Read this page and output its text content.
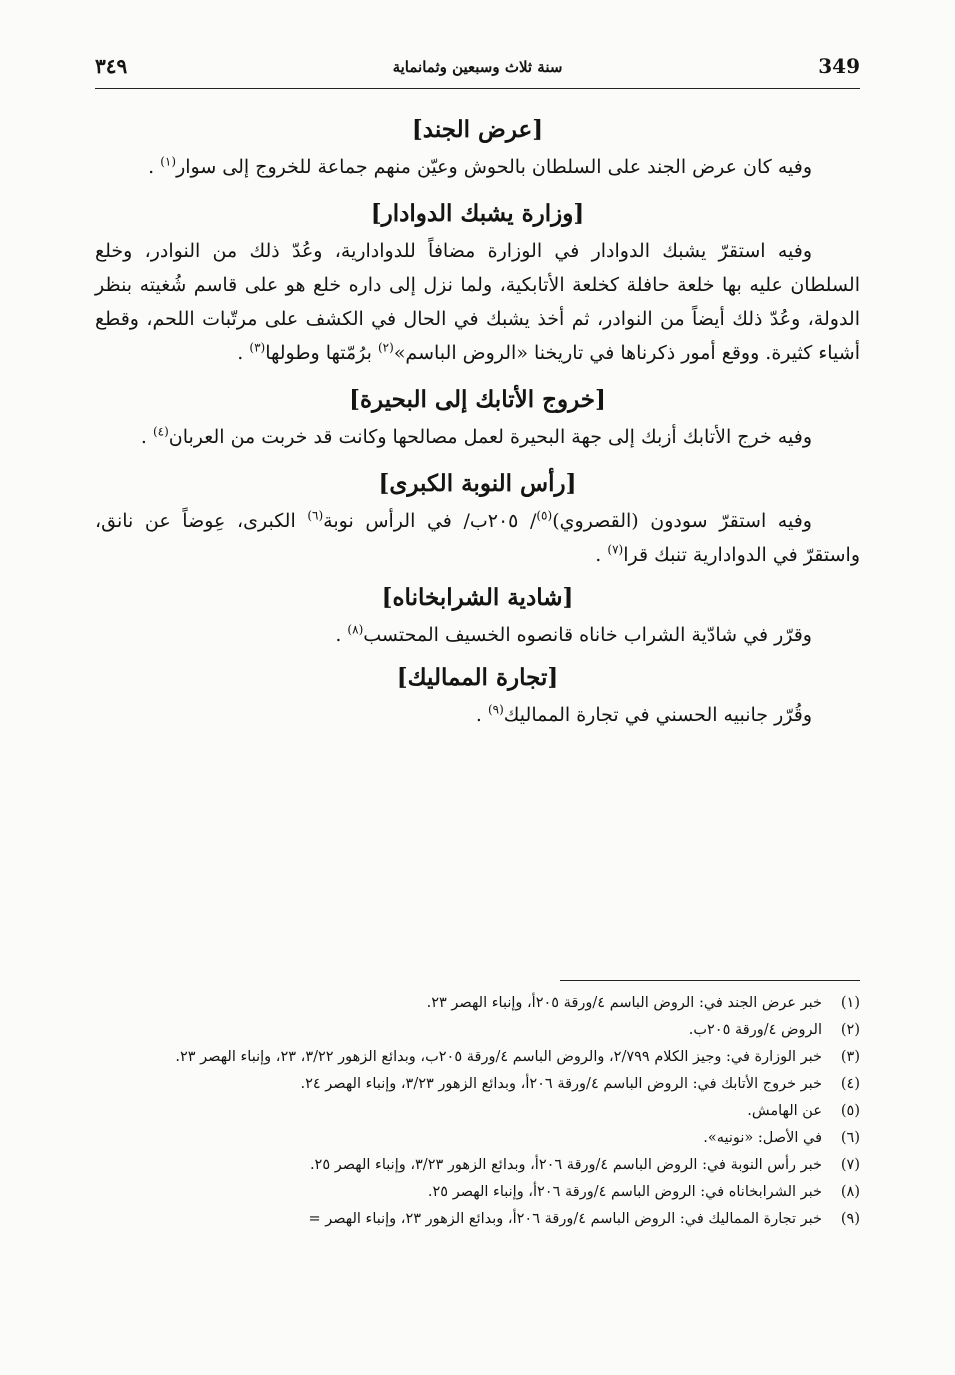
349
٣٤٩	سنة ثلاث وسبعين وثمانماية
[عرض الجند]

وفيه كان عرض الجند على السلطان بالحوش وعيّن منهم جماعة للخروج إلى سوار$^{(١)}$ .

[وزارة يشبك الدوادار]

وفيه استقرّ يشبك الدوادار في الوزارة مضافاً للدوادارية، وعُدّ ذلك من النوادر، وخلع السلطان عليه بها خلعة حافلة كخلعة الأتابكية، ولما نزل إلى داره خلع هو على قاسم شُغيته بنظر الدولة، وعُدّ ذلك أيضاً من النوادر، ثم أخذ يشبك في الحال في الكشف على مرتّبات اللحم، وقطع أشياء كثيرة. ووقع أمور ذكرناها في تاريخنا «الروض الباسم»$^{(٢)}$ برُمّتها وطولها$^{(٣)}$ .

[خروج الأتابك إلى البحيرة]

وفيه خرج الأتابك أزبك إلى جهة البحيرة لعمل مصالحها وكانت قد خربت من العربان$^{(٤)}$ .

[رأس النوبة الكبرى]

وفيه استقرّ سودون (القصروي)$^{(٥)}$/ ٢٠٥ب/ في الرأس نوبة$^{(٦)}$ الكبرى، عِوضاً عن نانق، واستقرّ في الدوادارية تنبك قرا$^{(٧)}$ .

[شادية الشرابخاناه]

وقرّر في شادّية الشراب خاناه قانصوه الخسيف المحتسب$^{(٨)}$ .

[تجارة المماليك]

وقُرّر جانبيه الحسني في تجارة المماليك$^{(٩)}$ .

(١)
خبر عرض الجند في: الروض الباسم ٤/ورقة ٢٠٥أ، وإنباء الهصر ٢٣.
(٢)
الروض ٤/ورقة ٢٠٥ب.
(٣)
خبر الوزارة في: وجيز الكلام ٢/٧٩٩، والروض الباسم ٤/ورقة ٢٠٥ب، وبدائع الزهور ٣/٢٢، ٢٣، وإنباء الهصر ٢٣.
(٤)
خبر خروج الأتابك في: الروض الباسم ٤/ورقة ٢٠٦أ، وبدائع الزهور ٣/٢٣، وإنباء الهصر ٢٤.
(٥)
عن الهامش.
(٦)
في الأصل: «نونيه».
(٧)
خبر رأس النوبة في: الروض الباسم ٤/ورقة ٢٠٦أ، وبدائع الزهور ٣/٢٣، وإنباء الهصر ٢٥.
(٨)
خبر الشرابخاناه في: الروض الباسم ٤/ورقة ٢٠٦أ، وإنباء الهصر ٢٥.
(٩)
خبر تجارة المماليك في: الروض الباسم ٤/ورقة ٢٠٦أ، وبدائع الزهور ٢٣، وإنباء الهصر =
